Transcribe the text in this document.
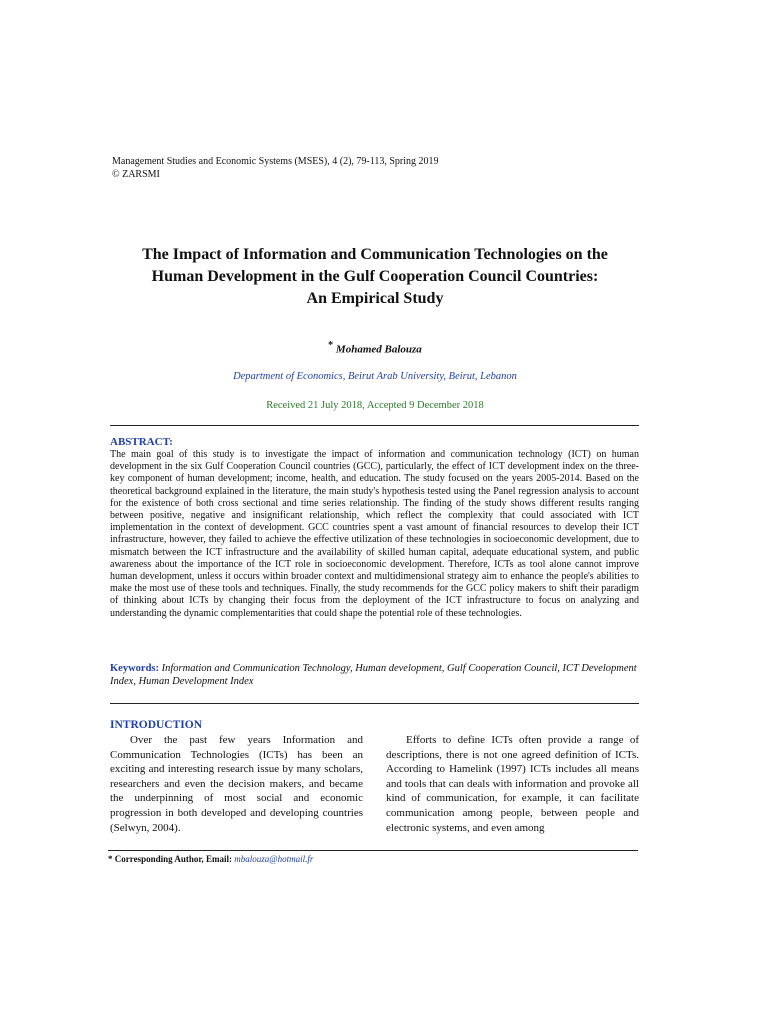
Management Studies and Economic Systems (MSES), 4 (2), 79-113, Spring 2019
© ZARSMI
The Impact of Information and Communication Technologies on the
Human Development in the Gulf Cooperation Council Countries:
An Empirical Study
* Mohamed Balouza
Department of Economics, Beirut Arab University, Beirut, Lebanon
Received 21 July 2018, Accepted 9 December 2018
ABSTRACT:
The main goal of this study is to investigate the impact of information and communication technology (ICT) on human development in the six Gulf Cooperation Council countries (GCC), particularly, the effect of ICT development index on the three-key component of human development; income, health, and education. The study focused on the years 2005-2014. Based on the theoretical background explained in the literature, the main study's hypothesis tested using the Panel regression analysis to account for the existence of both cross sectional and time series relationship. The finding of the study shows different results ranging between positive, negative and insignificant relationship, which reflect the complexity that could associated with ICT implementation in the context of development. GCC countries spent a vast amount of financial resources to develop their ICT infrastructure, however, they failed to achieve the effective utilization of these technologies in socioeconomic development, due to mismatch between the ICT infrastructure and the availability of skilled human capital, adequate educational system, and public awareness about the importance of the ICT role in socioeconomic development. Therefore, ICTs as tool alone cannot improve human development, unless it occurs within broader context and multidimensional strategy aim to enhance the people's abilities to make the most use of these tools and techniques. Finally, the study recommends for the GCC policy makers to shift their paradigm of thinking about ICTs by changing their focus from the deployment of the ICT infrastructure to focus on analyzing and understanding the dynamic complementarities that could shape the potential role of these technologies.
Keywords: Information and Communication Technology, Human development, Gulf Cooperation Council, ICT Development Index, Human Development Index
INTRODUCTION

Over the past few years Information and Communication Technologies (ICTs) has been an exciting and interesting research issue by many scholars, researchers and even the decision makers, and became the underpinning of most social and economic progression in both developed and developing countries (Selwyn, 2004).

Efforts to define ICTs often provide a range of descriptions, there is not one agreed definition of ICTs. According to Hamelink (1997) ICTs includes all means and tools that can deals with information and provoke all kind of communication, for example, it can facilitate communication among people, between people and electronic systems, and even among

* Corresponding Author, Email: mbalouza@hotmail.fr
